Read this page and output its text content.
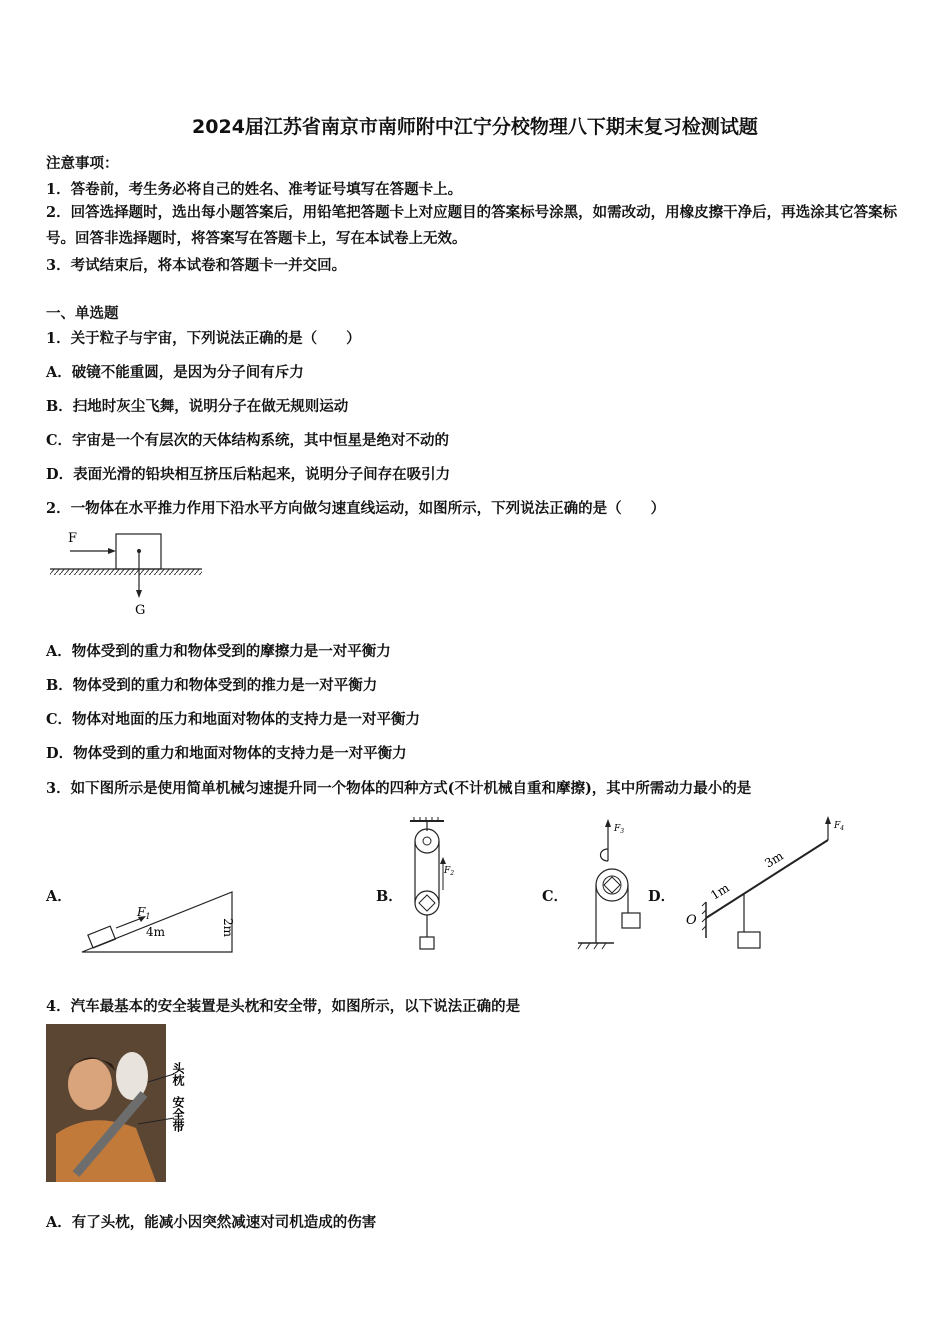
2024届江苏省南京市南师附中江宁分校物理八下期末复习检测试题
注意事项：
1．答卷前，考生务必将自己的姓名、准考证号填写在答题卡上。
2．回答选择题时，选出每小题答案后，用铅笔把答题卡上对应题目的答案标号涂黑，如需改动，用橡皮擦干净后，再选涂其它答案标号。回答非选择题时，将答案写在答题卡上，写在本试卷上无效。
3．考试结束后，将本试卷和答题卡一并交回。
一、单选题
1．关于粒子与宇宙，下列说法正确的是（　　）
A．破镜不能重圆，是因为分子间有斥力
B．扫地时灰尘飞舞，说明分子在做无规则运动
C．宇宙是一个有层次的天体结构系统，其中恒星是绝对不动的
D．表面光滑的铅块相互挤压后粘起来，说明分子间存在吸引力
2．一物体在水平推力作用下沿水平方向做匀速直线运动，如图所示，下列说法正确的是（　　）
F
G
A．物体受到的重力和物体受到的摩擦力是一对平衡力
B．物体受到的重力和物体受到的推力是一对平衡力
C．物体对地面的压力和地面对物体的支持力是一对平衡力
D．物体受到的重力和地面对物体的支持力是一对平衡力
3．如下图所示是使用简单机械匀速提升同一个物体的四种方式(不计机械自重和摩擦)，其中所需动力最小的是
A．	B．	C．	D．
$F_1$
4m	2m
$F_2$
$F_3$
O
$F_4$
1m
3m
4．汽车最基本的安全装置是头枕和安全带，如图所示，以下说法正确的是
头枕
安全带
A．有了头枕，能减小因突然减速对司机造成的伤害
